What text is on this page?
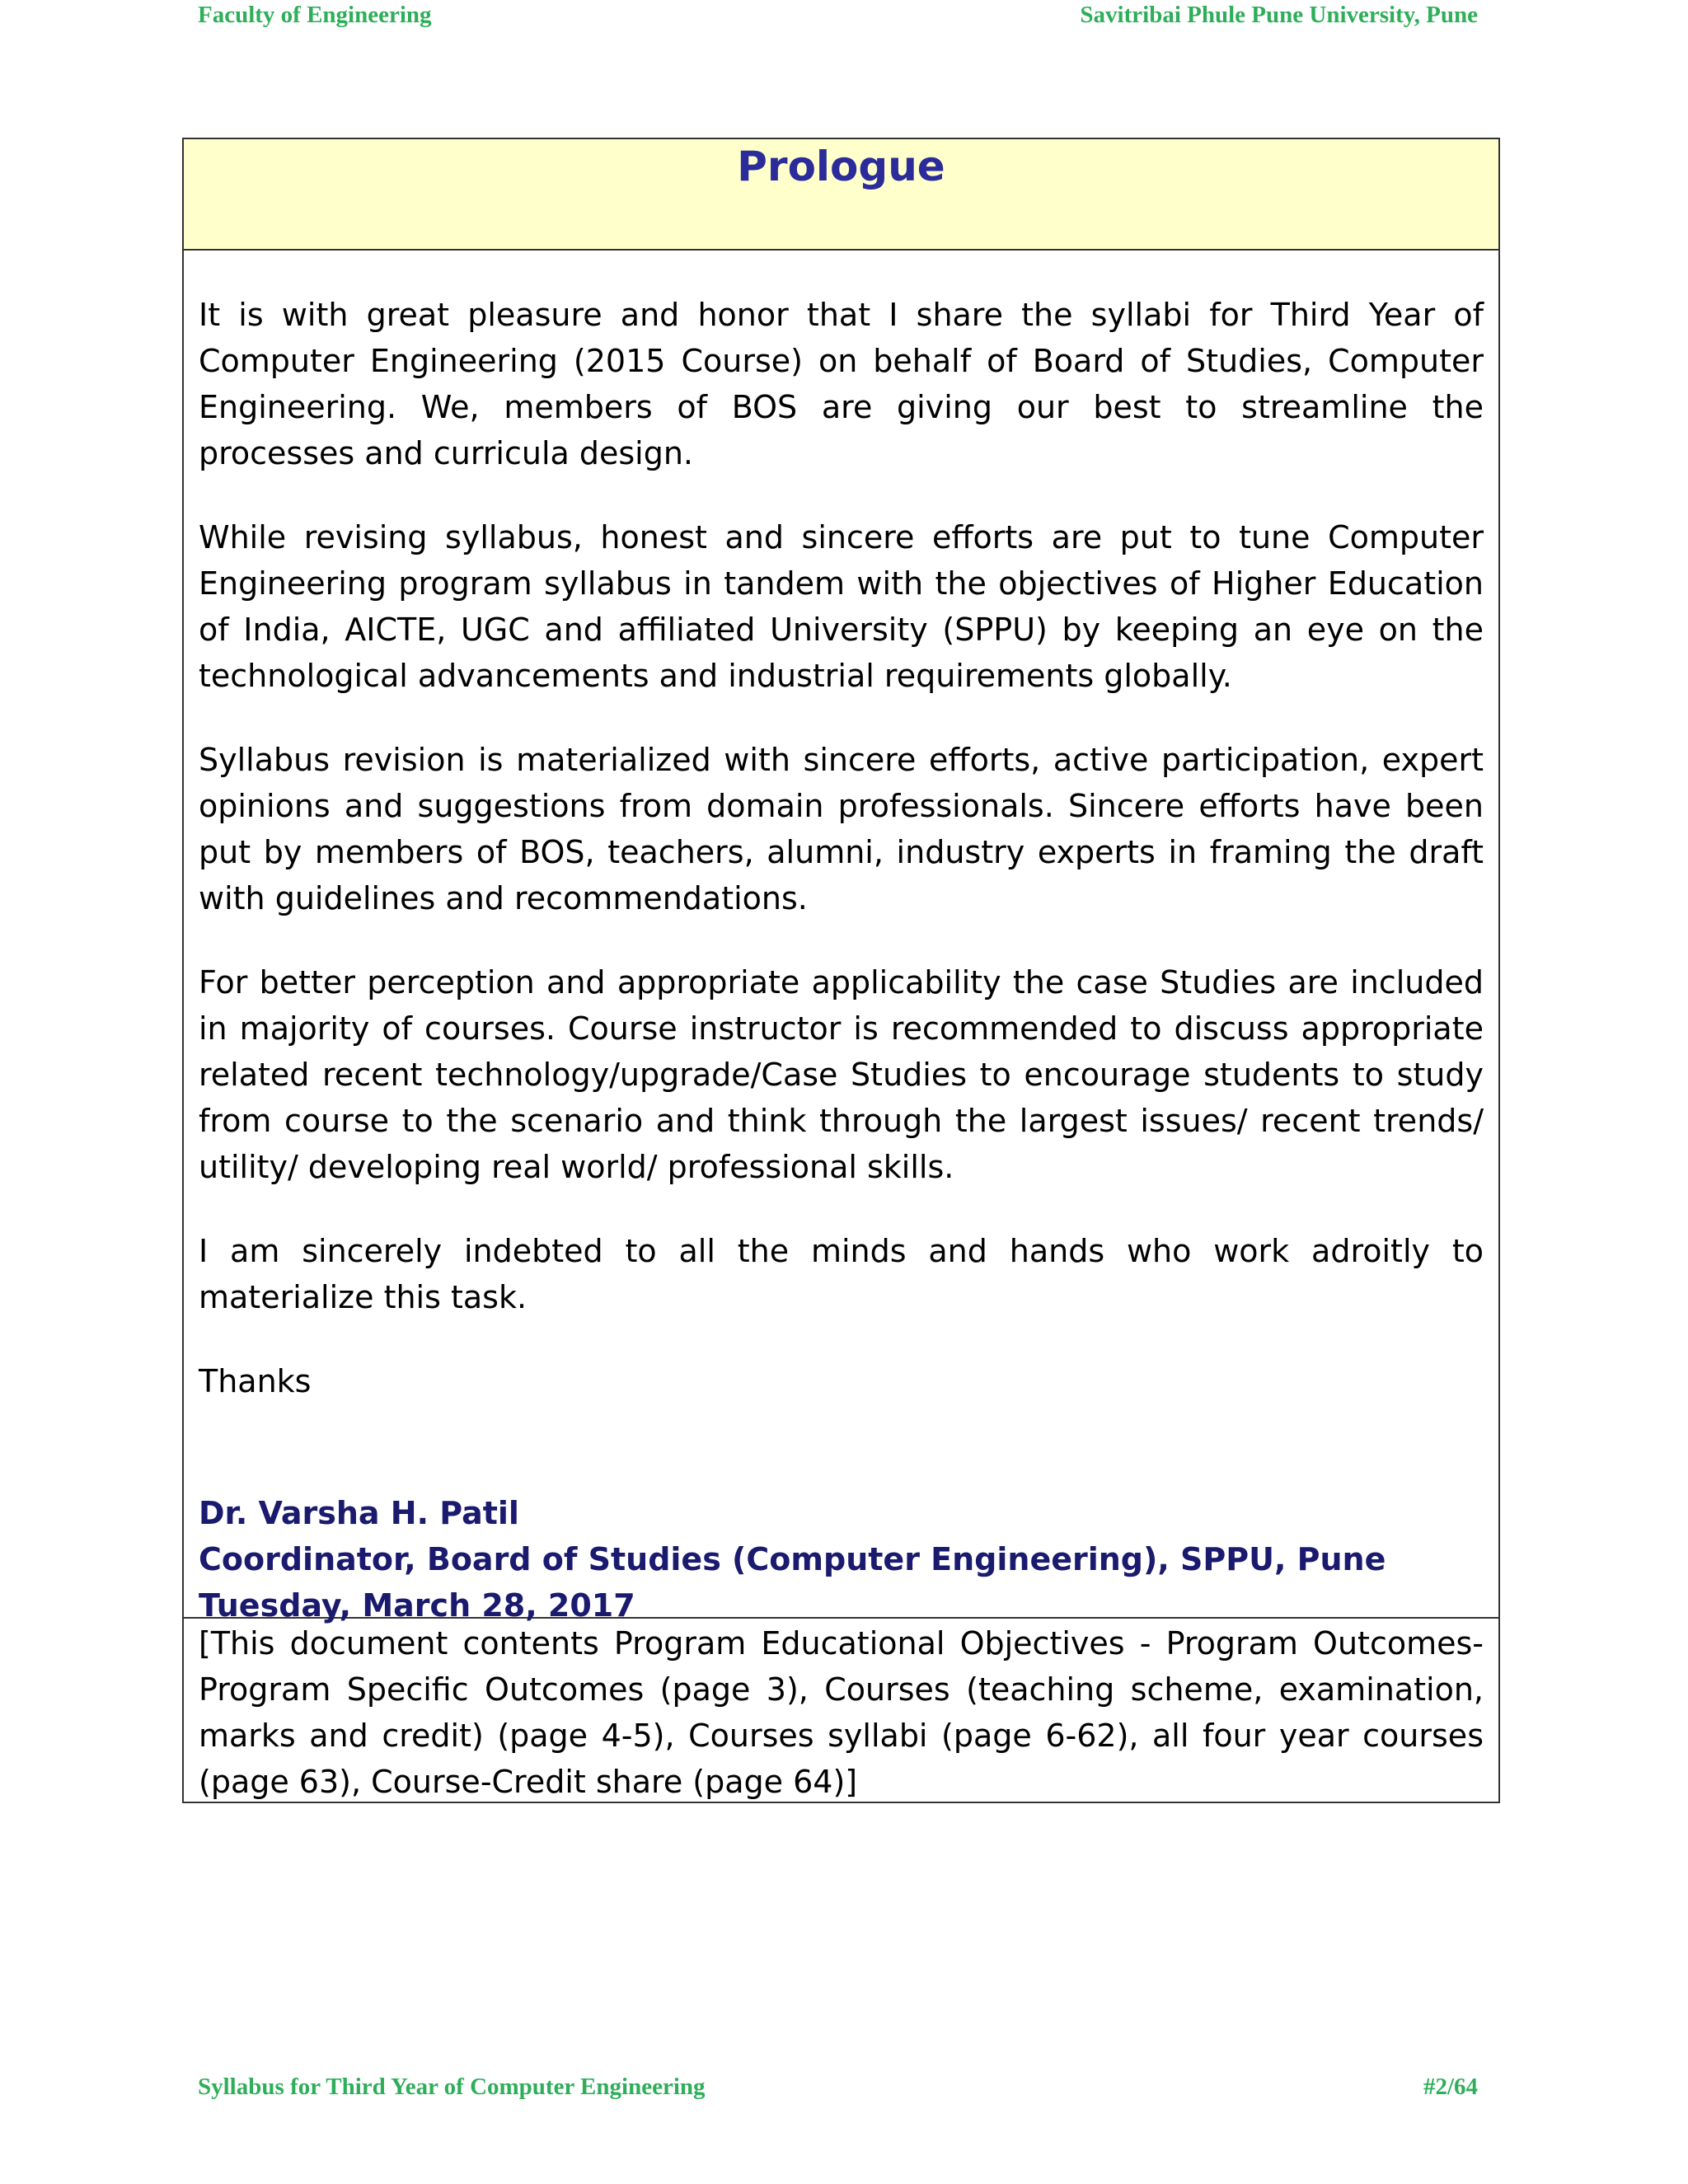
Faculty of Engineering	Savitribai Phule Pune University, Pune
Prologue

It is with great pleasure and honor that I share the syllabi for Third Year of Computer Engineering (2015 Course) on behalf of Board of Studies, Computer Engineering. We, members of BOS are giving our best to streamline the processes and curricula design.

While revising syllabus, honest and sincere efforts are put to tune Computer Engineering program syllabus in tandem with the objectives of Higher Education of India, AICTE, UGC and affiliated University (SPPU) by keeping an eye on the technological advancements and industrial requirements globally.

Syllabus revision is materialized with sincere efforts, active participation, expert opinions and suggestions from domain professionals. Sincere efforts have been put by members of BOS, teachers, alumni, industry experts in framing the draft with guidelines and recommendations.

For better perception and appropriate applicability the case Studies are included in majority of courses. Course instructor is recommended to discuss appropriate related recent technology/upgrade/Case Studies to encourage students to study from course to the scenario and think through the largest issues/ recent trends/ utility/ developing real world/ professional skills.

I am sincerely indebted to all the minds and hands who work adroitly to materialize this task.

Thanks

Dr. Varsha H. Patil
Coordinator, Board of Studies (Computer Engineering), SPPU, Pune
Tuesday, March 28, 2017
[This document contents Program Educational Objectives - Program Outcomes- Program Specific Outcomes (page 3), Courses (teaching scheme, examination, marks and credit) (page 4-5), Courses syllabi (page 6-62), all four year courses (page 63), Course-Credit share (page 64)]
Syllabus for Third Year of Computer Engineering	#2/64
